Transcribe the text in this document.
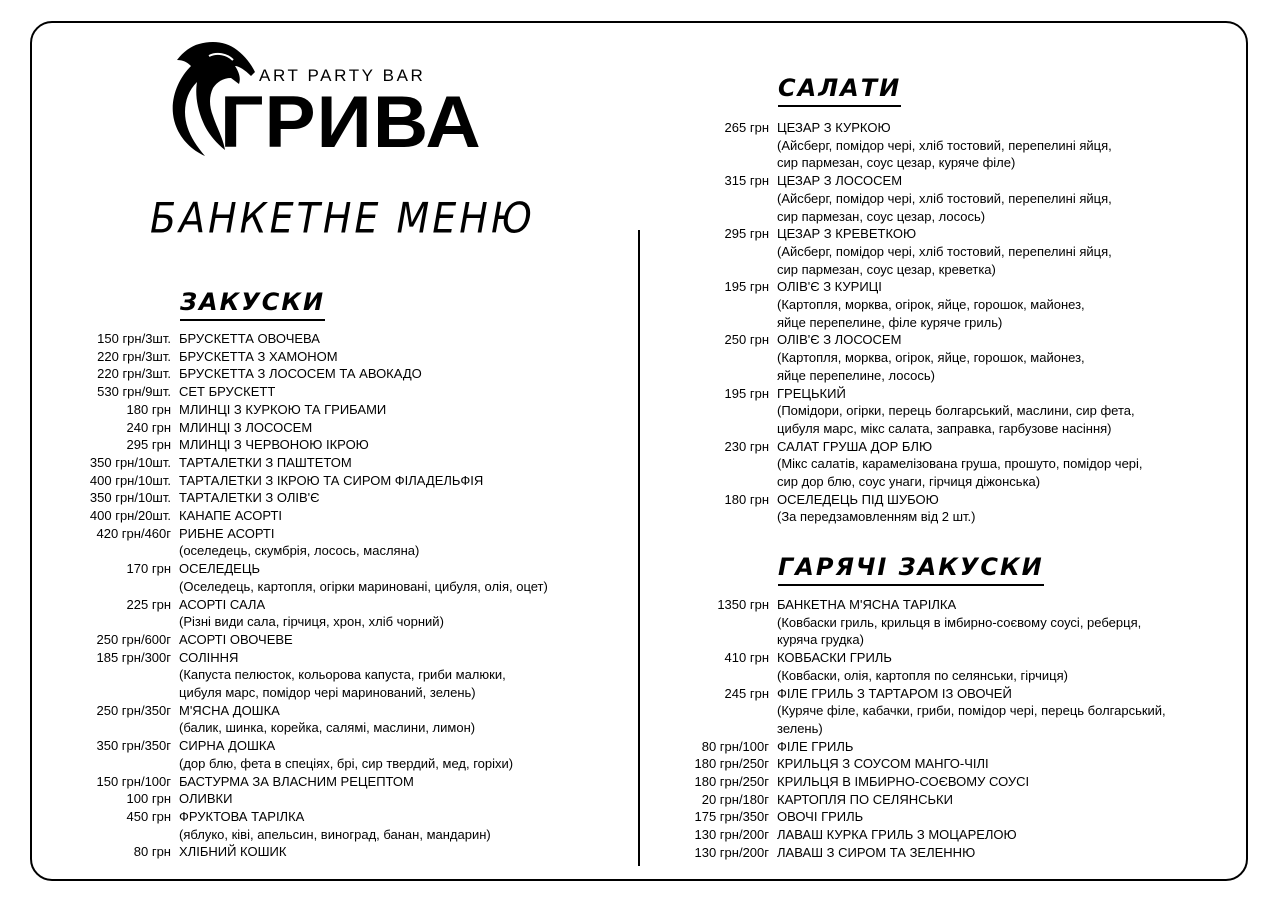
ART PARTY BAR
ГРИВА
БАНКЕТНЕ МЕНЮ
ЗАКУСКИ
150 грн/3шт. БРУСКЕТТА ОВОЧЕВА
220 грн/3шт. БРУСКЕТТА З ХАМОНОМ
220 грн/3шт. БРУСКЕТТА З ЛОСОСЕМ ТА АВОКАДО
530 грн/9шт. СЕТ БРУСКЕТТ
180 грн МЛИНЦІ З КУРКОЮ ТА ГРИБАМИ
240 грн МЛИНЦІ З ЛОСОСЕМ
295 грн МЛИНЦІ З ЧЕРВОНОЮ ІКРОЮ
350 грн/10шт. ТАРТАЛЕТКИ З ПАШТЕТОМ
400 грн/10шт. ТАРТАЛЕТКИ З ІКРОЮ ТА СИРОМ ФІЛАДЕЛЬФІЯ
350 грн/10шт. ТАРТАЛЕТКИ З ОЛІВ'Є
400 грн/20шт. КАНАПЕ АСОРТІ
420 грн/460г РИБНЕ АСОРТІ
(оселедець, скумбрія, лосось, масляна)
170 грн ОСЕЛЕДЕЦЬ
(Оселедець, картопля, огірки мариновані, цибуля, олія, оцет)
225 грн АСОРТІ САЛА
(Різні види сала, гірчиця, хрон, хліб чорний)
250 грн/600г АСОРТІ ОВОЧЕВЕ
185 грн/300г СОЛІННЯ
(Капуста пелюсток, кольорова капуста, гриби малюки,
цибуля марс, помідор чері маринований, зелень)
250 грн/350г М'ЯСНА ДОШКА
(балик, шинка, корейка, салямі, маслини, лимон)
350 грн/350г СИРНА ДОШКА
(дор блю, фета в спеціях, брі, сир твердий, мед, горіхи)
150 грн/100г БАСТУРМА ЗА ВЛАСНИМ РЕЦЕПТОМ
100 грн ОЛИВКИ
450 грн ФРУКТОВА ТАРІЛКА
(яблуко, ківі, апельсин, виноград, банан, мандарин)
80 грн ХЛІБНИЙ КОШИК
САЛАТИ
265 грн ЦЕЗАР З КУРКОЮ
(Айсберг, помідор чері, хліб тостовий, перепелині яйця,
сир пармезан, соус цезар, куряче філе)
315 грн ЦЕЗАР З ЛОСОСЕМ
(Айсберг, помідор чері, хліб тостовий, перепелині яйця,
сир пармезан, соус цезар, лосось)
295 грн ЦЕЗАР З КРЕВЕТКОЮ
(Айсберг, помідор чері, хліб тостовий, перепелині яйця,
сир пармезан, соус цезар, креветка)
195 грн ОЛІВ'Є З КУРИЦІ
(Картопля, морква, огірок, яйце, горошок, майонез,
яйце перепелине, філе куряче гриль)
250 грн ОЛІВ'Є З ЛОСОСЕМ
(Картопля, морква, огірок, яйце, горошок, майонез,
яйце перепелине, лосось)
195 грн ГРЕЦЬКИЙ
(Помідори, огірки, перець болгарський, маслини, сир фета,
цибуля марс, мікс салата, заправка, гарбузове насіння)
230 грн САЛАТ ГРУША ДОР БЛЮ
(Мікс салатів, карамелізована груша, прошуто, помідор чері,
сир дор блю, соус унаги, гірчиця діжонська)
180 грн ОСЕЛЕДЕЦЬ ПІД ШУБОЮ
(За передзамовленням від 2 шт.)
ГАРЯЧІ ЗАКУСКИ
1350 грн БАНКЕТНА М'ЯСНА ТАРІЛКА
(Ковбаски гриль, крильця в імбирно-соєвому соусі, реберця,
куряча грудка)
410 грн КОВБАСКИ ГРИЛЬ
(Ковбаски, олія, картопля по селянськи, гірчиця)
245 грн ФІЛЕ ГРИЛЬ З ТАРТАРОМ ІЗ ОВОЧЕЙ
(Куряче філе, кабачки, гриби, помідор чері, перець болгарський,
зелень)
80 грн/100г ФІЛЕ ГРИЛЬ
180 грн/250г КРИЛЬЦЯ З СОУСОМ МАНГО-ЧІЛІ
180 грн/250г КРИЛЬЦЯ В ІМБИРНО-СОЄВОМУ СОУСІ
20 грн/180г КАРТОПЛЯ ПО СЕЛЯНСЬКИ
175 грн/350г ОВОЧІ ГРИЛЬ
130 грн/200г ЛАВАШ КУРКА ГРИЛЬ З МОЦАРЕЛОЮ
130 грн/200г ЛАВАШ З СИРОМ ТА ЗЕЛЕННЮ
